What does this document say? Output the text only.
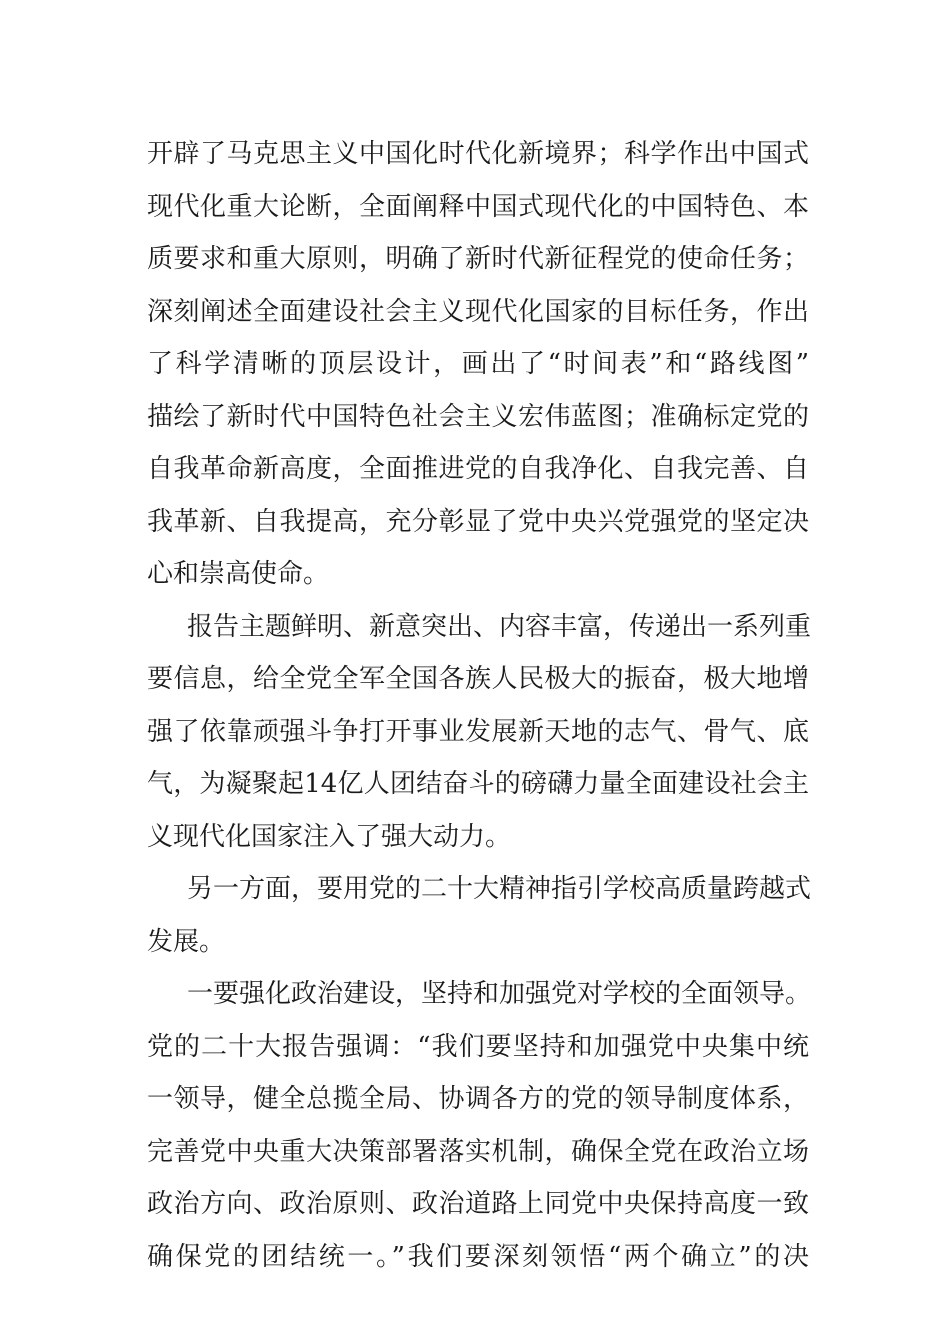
开辟了马克思主义中国化时代化新境界；科学作出中国式
现代化重大论断，全面阐释中国式现代化的中国特色、本
质要求和重大原则，明确了新时代新征程党的使命任务；
深刻阐述全面建设社会主义现代化国家的目标任务，作出
了科学清晰的顶层设计，画出了“时间表”和“路线图”
描绘了新时代中国特色社会主义宏伟蓝图；准确标定党的
自我革命新高度，全面推进党的自我净化、自我完善、自
我革新、自我提高，充分彰显了党中央兴党强党的坚定决
心和崇高使命。
报告主题鲜明、新意突出、内容丰富，传递出一系列重
要信息，给全党全军全国各族人民极大的振奋，极大地增
强了依靠顽强斗争打开事业发展新天地的志气、骨气、底
气，为凝聚起14亿人团结奋斗的磅礴力量全面建设社会主
义现代化国家注入了强大动力。
另一方面，要用党的二十大精神指引学校高质量跨越式
发展。
一要强化政治建设，坚持和加强党对学校的全面领导。
党的二十大报告强调：“我们要坚持和加强党中央集中统
一领导，健全总揽全局、协调各方的党的领导制度体系，
完善党中央重大决策部署落实机制，确保全党在政治立场
政治方向、政治原则、政治道路上同党中央保持高度一致
确保党的团结统一。”我们要深刻领悟“两个确立”的决
